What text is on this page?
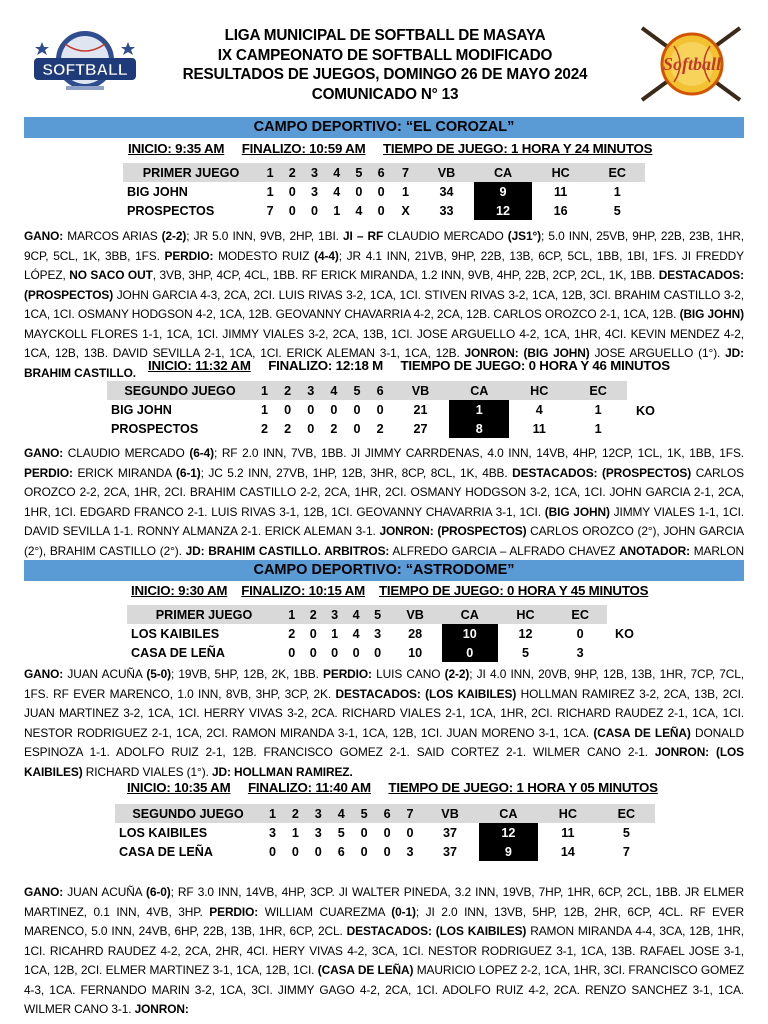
SOFTBALL
LIGA MUNICIPAL DE SOFTBALL DE MASAYA
IX CAMPEONATO DE SOFTBALL MODIFICADO
RESULTADOS DE JUEGOS, DOMINGO 26 DE MAYO 2024
COMUNICADO N° 13
Softball
CAMPO DEPORTIVO: “EL COROZAL”
INICIO: 9:35 AM FINALIZO: 10:59 AM TIEMPO DE JUEGO: 1 HORA Y 24 MINUTOS
PRIMER JUEGO	1	2	3	4	5	6	7	VB	CA	HC	EC
BIG JOHN	1	0	3	4	0	0	1	34	9	11	1
PROSPECTOS	7	0	0	1	4	0	X	33	12	16	5
GANO: MARCOS ARIAS (2-2); JR 5.0 INN, 9VB, 2HP, 1BI. JI – RF CLAUDIO MERCADO (JS1°); 5.0 INN, 25VB, 9HP, 22B, 23B, 1HR, 9CP, 5CL, 1K, 3BB, 1FS. PERDIO: MODESTO RUIZ (4-4); JR 4.1 INN, 21VB, 9HP, 22B, 13B, 6CP, 5CL, 1BB, 1BI, 1FS. JI FREDDY LÓPEZ, NO SACO OUT, 3VB, 3HP, 4CP, 4CL, 1BB. RF ERICK MIRANDA, 1.2 INN, 9VB, 4HP, 22B, 2CP, 2CL, 1K, 1BB. DESTACADOS: (PROSPECTOS) JOHN GARCIA 4-3, 2CA, 2CI. LUIS RIVAS 3-2, 1CA, 1CI. STIVEN RIVAS 3-2, 1CA, 12B, 3CI. BRAHIM CASTILLO 3-2, 1CA, 1CI. OSMANY HODGSON 4-2, 1CA, 12B. GEOVANNY CHAVARRIA 4-2, 2CA, 12B. CARLOS OROZCO 2-1, 1CA, 12B. (BIG JOHN) MAYCKOLL FLORES 1-1, 1CA, 1CI. JIMMY VIALES 3-2, 2CA, 13B, 1CI. JOSE ARGUELLO 4-2, 1CA, 1HR, 4CI. KEVIN MENDEZ 4-2, 1CA, 12B, 13B. DAVID SEVILLA 2-1, 1CA, 1CI. ERICK ALEMAN 3-1, 1CA, 12B. JONRON: (BIG JOHN) JOSE ARGUELLO (1°). JD: BRAHIM CASTILLO. INICIO: 11:32 AM FINALIZO: 12:18 M TIEMPO DE JUEGO: 0 HORA Y 46 MINUTOS
SEGUNDO JUEGO	1	2	3	4	5	6	VB	CA	HC	EC
BIG JOHN	1	0	0	0	0	0	21	1	4	1
PROSPECTOS	2	2	0	2	0	2	27	8	11	1
KO
GANO: CLAUDIO MERCADO (6-4); RF 2.0 INN, 7VB, 1BB. JI JIMMY CARRDENAS, 4.0 INN, 14VB, 4HP, 12CP, 1CL, 1K, 1BB, 1FS. PERDIO: ERICK MIRANDA (6-1); JC 5.2 INN, 27VB, 1HP, 12B, 3HR, 8CP, 8CL, 1K, 4BB. DESTACADOS: (PROSPECTOS) CARLOS OROZCO 2-2, 2CA, 1HR, 2CI. BRAHIM CASTILLO 2-2, 2CA, 1HR, 2CI. OSMANY HODGSON 3-2, 1CA, 1CI. JOHN GARCIA 2-1, 2CA, 1HR, 1CI. EDGARD FRANCO 2-1. LUIS RIVAS 3-1, 12B, 1CI. GEOVANNY CHAVARRIA 3-1, 1CI. (BIG JOHN) JIMMY VIALES 1-1, 1CI. DAVID SEVILLA 1-1. RONNY ALMANZA 2-1. ERICK ALEMAN 3-1. JONRON: (PROSPECTOS) CARLOS OROZCO (2°), JOHN GARCIA (2°), BRAHIM CASTILLO (2°). JD: BRAHIM CASTILLO. ARBITROS: ALFREDO GARCIA – ALFRADO CHAVEZ ANOTADOR: MARLON
CAMPO DEPORTIVO: “ASTRODOME”
INICIO: 9:30 AM FINALIZO: 10:15 AM TIEMPO DE JUEGO: 0 HORA Y 45 MINUTOS
PRIMER JUEGO	1	2	3	4	5	VB	CA	HC	EC
LOS KAIBILES	2	0	1	4	3	28	10	12	0
CASA DE LEÑA	0	0	0	0	0	10	0	5	3
KO
GANO: JUAN ACUÑA (5-0); 19VB, 5HP, 12B, 2K, 1BB. PERDIO: LUIS CANO (2-2); JI 4.0 INN, 20VB, 9HP, 12B, 13B, 1HR, 7CP, 7CL, 1FS. RF EVER MARENCO, 1.0 INN, 8VB, 3HP, 3CP, 2K. DESTACADOS: (LOS KAIBILES) HOLLMAN RAMIREZ 3-2, 2CA, 13B, 2CI. JUAN MARTINEZ 3-2, 1CA, 1CI. HERRY VIVAS 3-2, 2CA. RICHARD VIALES 2-1, 1CA, 1HR, 2CI. RICHARD RAUDEZ 2-1, 1CA, 1CI. NESTOR RODRIGUEZ 2-1, 1CA, 2CI. RAMON MIRANDA 3-1, 1CA, 12B, 1CI. JUAN MORENO 3-1, 1CA. (CASA DE LEÑA) DONALD ESPINOZA 1-1. ADOLFO RUIZ 2-1, 12B. FRANCISCO GOMEZ 2-1. SAID CORTEZ 2-1. WILMER CANO 2-1. JONRON: (LOS KAIBILES) RICHARD VIALES (1°). JD: HOLLMAN RAMIREZ.
INICIO: 10:35 AM FINALIZO: 11:40 AM TIEMPO DE JUEGO: 1 HORA Y 05 MINUTOS
SEGUNDO JUEGO	1	2	3	4	5	6	7	VB	CA	HC	EC
LOS KAIBILES	3	1	3	5	0	0	0	37	12	11	5
CASA DE LEÑA	0	0	0	6	0	0	3	37	9	14	7
GANO: JUAN ACUÑA (6-0); RF 3.0 INN, 14VB, 4HP, 3CP. JI WALTER PINEDA, 3.2 INN, 19VB, 7HP, 1HR, 6CP, 2CL, 1BB. JR ELMER MARTINEZ, 0.1 INN, 4VB, 3HP. PERDIO: WILLIAM CUAREZMA (0-1); JI 2.0 INN, 13VB, 5HP, 12B, 2HR, 6CP, 4CL. RF EVER MARENCO, 5.0 INN, 24VB, 6HP, 22B, 13B, 1HR, 6CP, 2CL. DESTACADOS: (LOS KAIBILES) RAMON MIRANDA 4-4, 3CA, 12B, 1HR, 1CI. RICAHRD RAUDEZ 4-2, 2CA, 2HR, 4CI. HERY VIVAS 4-2, 3CA, 1CI. NESTOR RODRIGUEZ 3-1, 1CA, 13B. RAFAEL JOSE 3-1, 1CA, 12B, 2CI. ELMER MARTINEZ 3-1, 1CA, 12B, 1CI. (CASA DE LEÑA) MAURICIO LOPEZ 2-2, 1CA, 1HR, 3CI. FRANCISCO GOMEZ 4-3, 1CA. FERNANDO MARIN 3-2, 1CA, 3CI. JIMMY GAGO 4-2, 2CA, 1CI. ADOLFO RUIZ 4-2, 2CA. RENZO SANCHEZ 3-1, 1CA. WILMER CANO 3-1. JONRON:
